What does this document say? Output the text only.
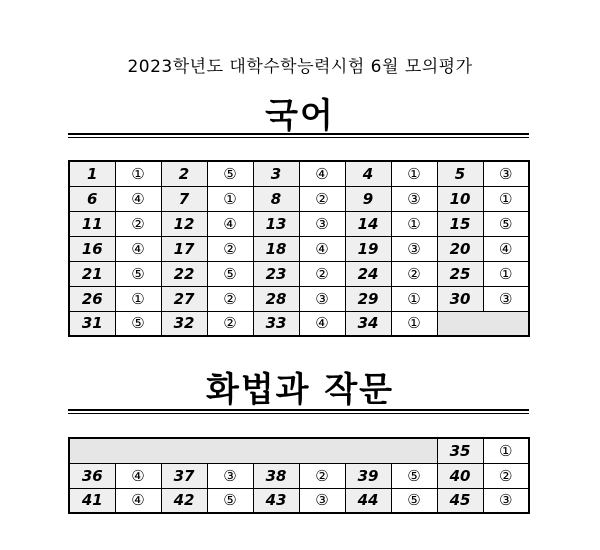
2023학년도 대학수학능력시험 6월 모의평가
국어
1	①	2	⑤	3	④	4	①	5	③
6	④	7	①	8	②	9	③	10	①
11	②	12	④	13	③	14	①	15	⑤
16	④	17	②	18	④	19	③	20	④
21	⑤	22	⑤	23	②	24	②	25	①
26	①	27	②	28	③	29	①	30	③
31	⑤	32	②	33	④	34	①		
화법과 작문
								35	①
36	④	37	③	38	②	39	⑤	40	②
41	④	42	⑤	43	③	44	⑤	45	③
